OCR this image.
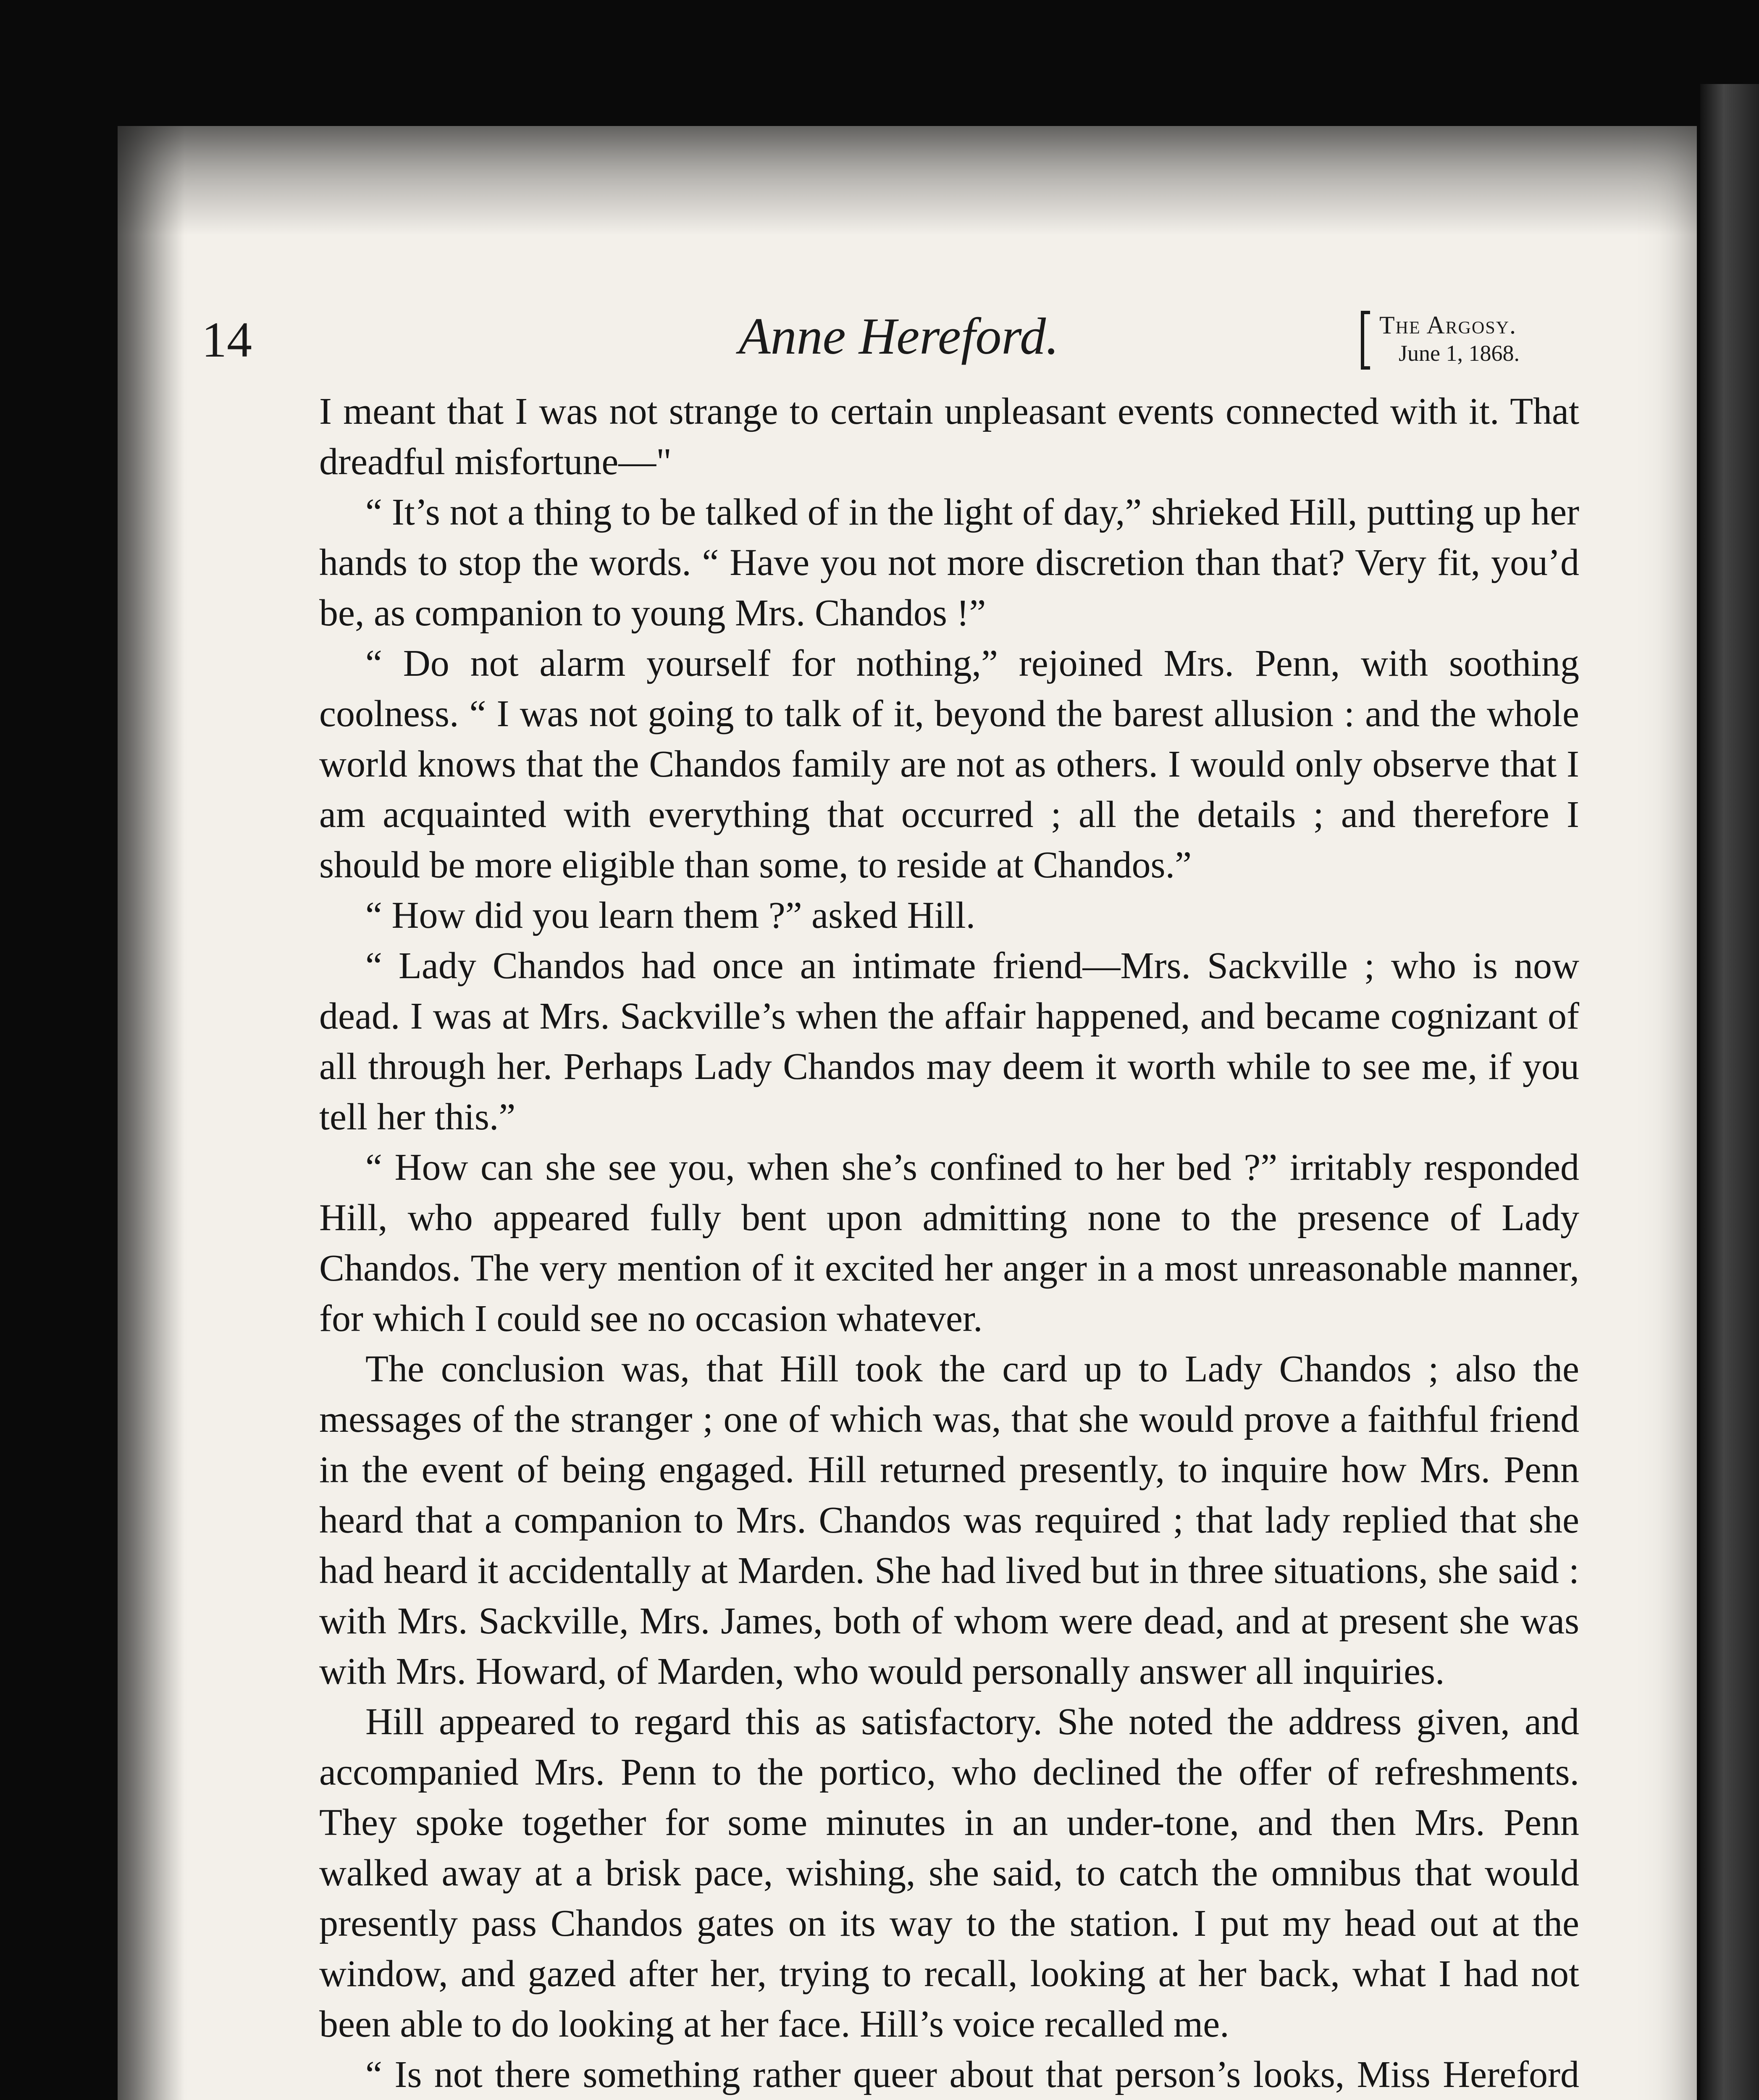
14	Anne Hereford.	The Argosy.
June 1, 1868.

I meant that I was not strange to certain unpleasant events connected with it. That dreadful misfortune—"

“ It’s not a thing to be talked of in the light of day,” shrieked Hill, putting up her hands to stop the words. “ Have you not more discretion than that? Very fit, you’d be, as companion to young Mrs. Chandos !”

“ Do not alarm yourself for nothing,” rejoined Mrs. Penn, with soothing coolness. “ I was not going to talk of it, beyond the barest allusion : and the whole world knows that the Chandos family are not as others. I would only observe that I am acquainted with everything that occurred ; all the details ; and therefore I should be more eligible than some, to reside at Chandos.”

“ How did you learn them ?” asked Hill.

“ Lady Chandos had once an intimate friend—Mrs. Sackville ; who is now dead. I was at Mrs. Sackville’s when the affair happened, and became cognizant of all through her. Perhaps Lady Chandos may deem it worth while to see me, if you tell her this.”

“ How can she see you, when she’s confined to her bed ?” irritably responded Hill, who appeared fully bent upon admitting none to the presence of Lady Chandos. The very mention of it excited her anger in a most unreasonable manner, for which I could see no occasion whatever.

The conclusion was, that Hill took the card up to Lady Chandos ; also the messages of the stranger ; one of which was, that she would prove a faithful friend in the event of being engaged. Hill returned presently, to inquire how Mrs. Penn heard that a companion to Mrs. Chandos was required ; that lady replied that she had heard it accidentally at Marden. She had lived but in three situations, she said : with Mrs. Sackville, Mrs. James, both of whom were dead, and at present she was with Mrs. Howard, of Marden, who would personally answer all inquiries.

Hill appeared to regard this as satisfactory. She noted the address given, and accompanied Mrs. Penn to the portico, who declined the offer of refreshments. They spoke together for some minutes in an under-tone, and then Mrs. Penn walked away at a brisk pace, wishing, she said, to catch the omnibus that would presently pass Chandos gates on its way to the station. I put my head out at the window, and gazed after her, trying to recall, looking at her back, what I had not been able to do looking at her face. Hill’s voice recalled me.

“ Is not there something rather queer about that person’s looks, Miss Hereford
